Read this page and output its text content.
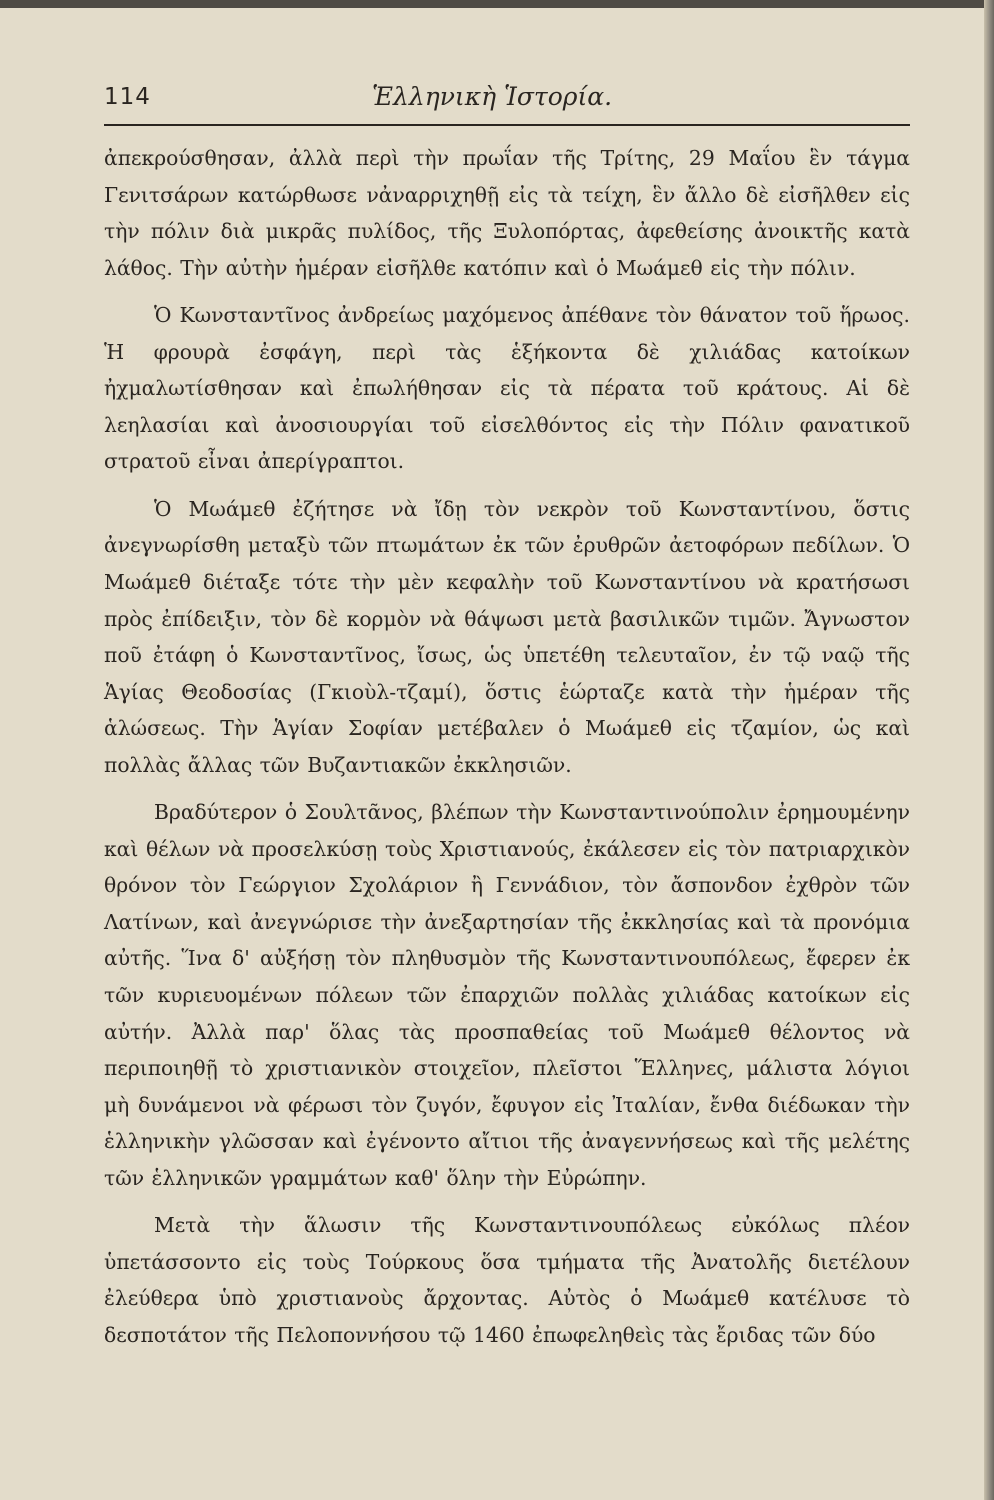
114	Ἑλληνικὴ Ἱστορία.

ἀπεκρούσθησαν, ἀλλὰ περὶ τὴν πρωΐαν τῆς Τρίτης, 29 Μαΐου ἓν τάγμα Γενιτσάρων κατώρθωσε νἀναρριχηθῇ εἰς τὰ τείχη, ἓν ἄλλο δὲ εἰσῆλθεν εἰς τὴν πόλιν διὰ μικρᾶς πυλίδος, τῆς Ξυλοπόρτας, ἀφεθείσης ἀνοικτῆς κατὰ λάθος. Τὴν αὐτὴν ἡμέραν εἰσῆλθε κατόπιν καὶ ὁ Μωάμεθ εἰς τὴν πόλιν.

Ὁ Κωνσταντῖνος ἀνδρείως μαχόμενος ἀπέθανε τὸν θάνατον τοῦ ἥρωος. Ἡ φρουρὰ ἐσφάγη, περὶ τὰς ἑξήκοντα δὲ χιλιάδας κατοίκων ἠχμαλωτίσθησαν καὶ ἐπωλήθησαν εἰς τὰ πέρατα τοῦ κράτους. Αἱ δὲ λεηλασίαι καὶ ἀνοσιουργίαι τοῦ εἰσελθόντος εἰς τὴν Πόλιν φανατικοῦ στρατοῦ εἶναι ἀπερίγραπτοι.

Ὁ Μωάμεθ ἐζήτησε νὰ ἴδῃ τὸν νεκρὸν τοῦ Κωνσταντίνου, ὅστις ἀνεγνωρίσθη μεταξὺ τῶν πτωμάτων ἐκ τῶν ἐρυθρῶν ἀετοφόρων πεδίλων. Ὁ Μωάμεθ διέταξε τότε τὴν μὲν κεφαλὴν τοῦ Κωνσταντίνου νὰ κρατήσωσι πρὸς ἐπίδειξιν, τὸν δὲ κορμὸν νὰ θάψωσι μετὰ βασιλικῶν τιμῶν. Ἄγνωστον ποῦ ἐτάφη ὁ Κωνσταντῖνος, ἴσως, ὡς ὑπετέθη τελευταῖον, ἐν τῷ ναῷ τῆς Ἁγίας Θεοδοσίας (Γκιοὺλ-τζαμί), ὅστις ἑώρταζε κατὰ τὴν ἡμέραν τῆς ἁλώσεως. Τὴν Ἁγίαν Σοφίαν μετέβαλεν ὁ Μωάμεθ εἰς τζαμίον, ὡς καὶ πολλὰς ἄλλας τῶν Βυζαντιακῶν ἐκκλησιῶν.

Βραδύτερον ὁ Σουλτᾶνος, βλέπων τὴν Κωνσταντινούπολιν ἐρημουμένην καὶ θέλων νὰ προσελκύσῃ τοὺς Χριστιανούς, ἐκάλεσεν εἰς τὸν πατριαρχικὸν θρόνον τὸν Γεώργιον Σχολάριον ἢ Γεννάδιον, τὸν ἄσπονδον ἐχθρὸν τῶν Λατίνων, καὶ ἀνεγνώρισε τὴν ἀνεξαρτησίαν τῆς ἐκκλησίας καὶ τὰ προνόμια αὐτῆς. Ἵνα δ' αὐξήσῃ τὸν πληθυσμὸν τῆς Κωνσταντινουπόλεως, ἔφερεν ἐκ τῶν κυριευομένων πόλεων τῶν ἐπαρχιῶν πολλὰς χιλιάδας κατοίκων εἰς αὐτήν. Ἀλλὰ παρ' ὅλας τὰς προσπαθείας τοῦ Μωάμεθ θέλοντος νὰ περιποιηθῇ τὸ χριστιανικὸν στοιχεῖον, πλεῖστοι Ἕλληνες, μάλιστα λόγιοι μὴ δυνάμενοι νὰ φέρωσι τὸν ζυγόν, ἔφυγον εἰς Ἰταλίαν, ἔνθα διέδωκαν τὴν ἑλληνικὴν γλῶσσαν καὶ ἐγένοντο αἴτιοι τῆς ἀναγεννήσεως καὶ τῆς μελέτης τῶν ἑλληνικῶν γραμμάτων καθ' ὅλην τὴν Εὐρώπην.

Μετὰ τὴν ἅλωσιν τῆς Κωνσταντινουπόλεως εὐκόλως πλέον ὑπετάσσοντο εἰς τοὺς Τούρκους ὅσα τμήματα τῆς Ἀνατολῆς διετέλουν ἐλεύθερα ὑπὸ χριστιανοὺς ἄρχοντας. Αὐτὸς ὁ Μωάμεθ κατέλυσε τὸ δεσποτάτον τῆς Πελοποννήσου τῷ 1460 ἐπωφεληθεὶς τὰς ἔριδας τῶν δύο
